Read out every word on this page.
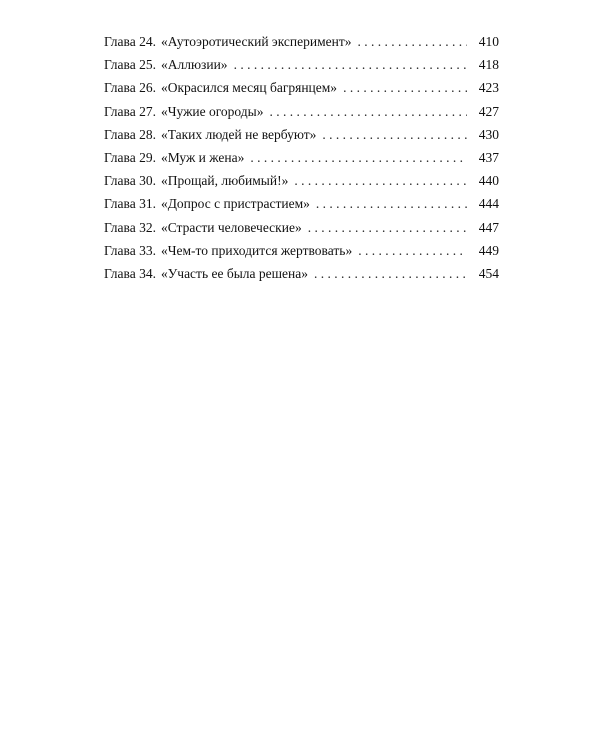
Глава 24. «Аутоэротический эксперимент» . . .	410
Глава 25. «Аллюзии» . . .	418
Глава 26. «Окрасился месяц багрянцем» . . .	423
Глава 27. «Чужие огороды» . . .	427
Глава 28. «Таких людей не вербуют» . . .	430
Глава 29. «Муж и жена» . . .	437
Глава 30. «Прощай, любимый!» . . .	440
Глава 31. «Допрос с пристрастием» . . .	444
Глава 32. «Страсти человеческие» . . .	447
Глава 33. «Чем-то приходится жертвовать» . . .	449
Глава 34. «Участь ее была решена» . . .	454
